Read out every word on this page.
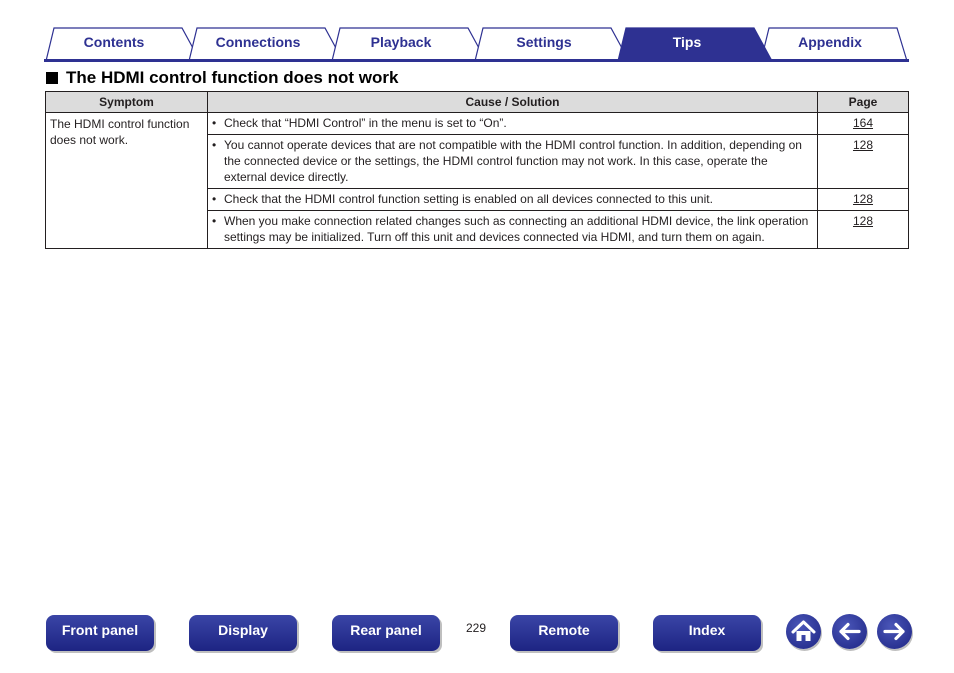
Contents	Connections	Playback	Settings	Tips	Appendix
The HDMI control function does not work
Symptom	Cause / Solution	Page
The HDMI control function does not work.	• Check that “HDMI Control” in the menu is set to “On”.	164

	• You cannot operate devices that are not compatible with the HDMI control function. In addition, depending on the connected device or the settings, the HDMI control function may not work. In this case, operate the external device directly.	128

	• Check that the HDMI control function setting is enabled on all devices connected to this unit.	128

	• When you make connection related changes such as connecting an additional HDMI device, the link operation settings may be initialized. Turn off this unit and devices connected via HDMI, and turn them on again.	128
Front panel	Display	Rear panel	229	Remote	Index
